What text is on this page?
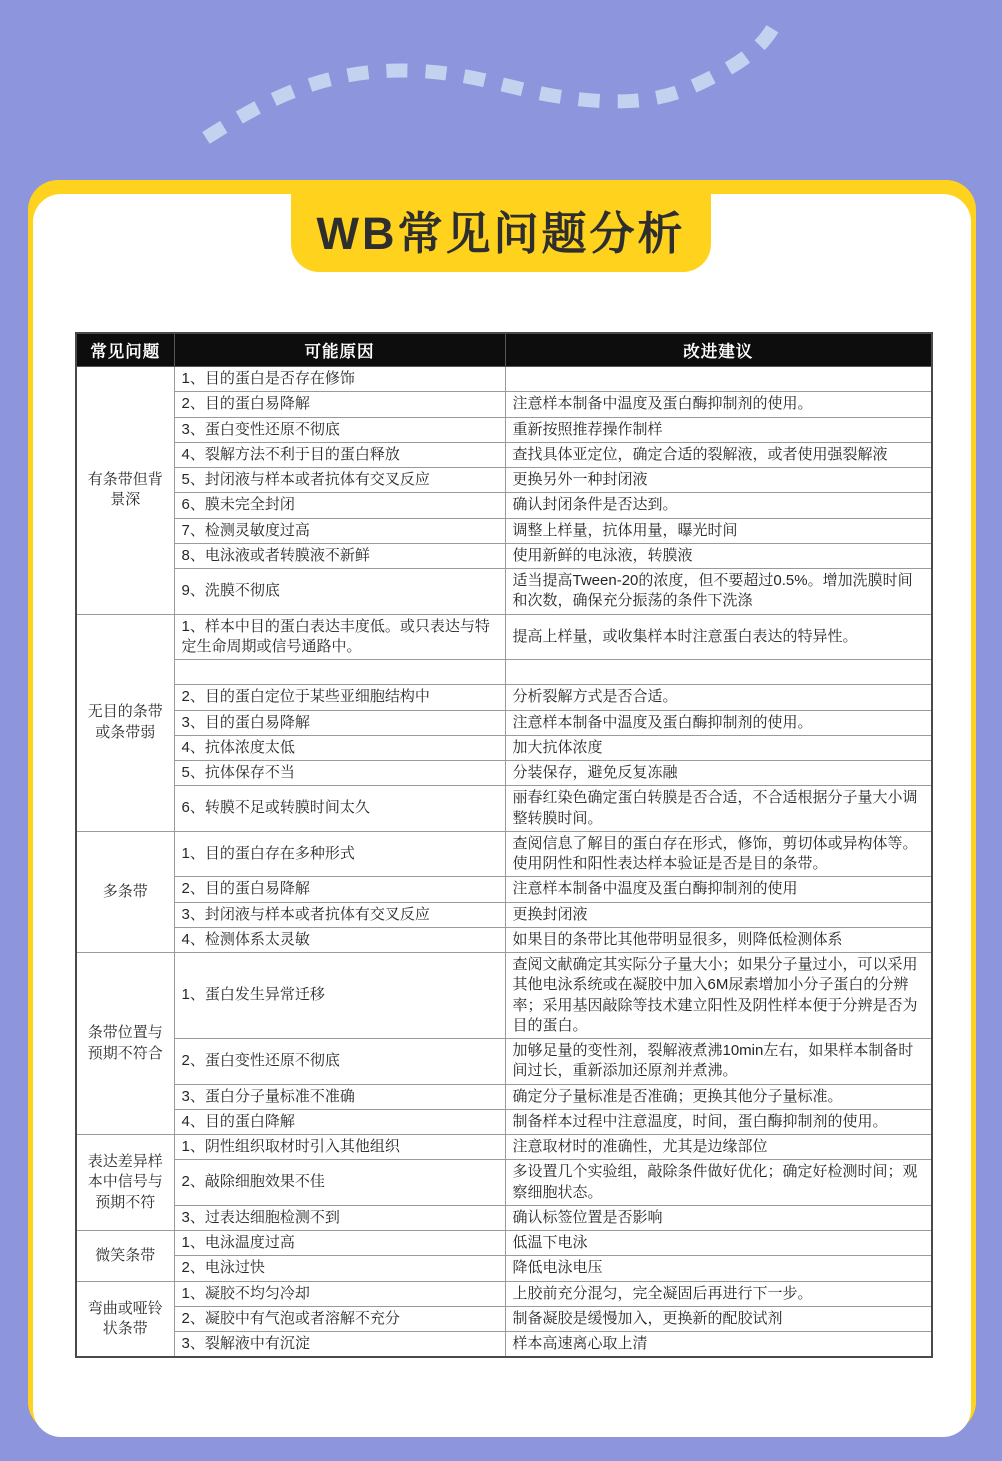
WB常见问题分析
常见问题	可能原因	改进建议
有条带但背景深	1、目的蛋白是否存在修饰	
	2、目的蛋白易降解	注意样本制备中温度及蛋白酶抑制剂的使用。
	3、蛋白变性还原不彻底	重新按照推荐操作制样
	4、裂解方法不利于目的蛋白释放	查找具体亚定位，确定合适的裂解液，或者使用强裂解液
	5、封闭液与样本或者抗体有交叉反应	更换另外一种封闭液
	6、膜未完全封闭	确认封闭条件是否达到。
	7、检测灵敏度过高	调整上样量，抗体用量，曝光时间
	8、电泳液或者转膜液不新鲜	使用新鲜的电泳液，转膜液
	9、洗膜不彻底	适当提高Tween-20的浓度，但不要超过0.5%。增加洗膜时间和次数，确保充分振荡的条件下洗涤
无目的条带或条带弱	1、样本中目的蛋白表达丰度低。或只表达与特定生命周期或信号通路中。	提高上样量，或收集样本时注意蛋白表达的特异性。

	2、目的蛋白定位于某些亚细胞结构中	分析裂解方式是否合适。
	3、目的蛋白易降解	注意样本制备中温度及蛋白酶抑制剂的使用。
	4、抗体浓度太低	加大抗体浓度
	5、抗体保存不当	分装保存，避免反复冻融
	6、转膜不足或转膜时间太久	丽春红染色确定蛋白转膜是否合适，不合适根据分子量大小调整转膜时间。
多条带	1、目的蛋白存在多种形式	查阅信息了解目的蛋白存在形式，修饰，剪切体或异构体等。使用阴性和阳性表达样本验证是否是目的条带。
	2、目的蛋白易降解	注意样本制备中温度及蛋白酶抑制剂的使用
	3、封闭液与样本或者抗体有交叉反应	更换封闭液
	4、检测体系太灵敏	如果目的条带比其他带明显很多，则降低检测体系
条带位置与预期不符合	1、蛋白发生异常迁移	查阅文献确定其实际分子量大小；如果分子量过小，可以采用其他电泳系统或在凝胶中加入6M尿素增加小分子蛋白的分辨率；采用基因敲除等技术建立阳性及阴性样本便于分辨是否为目的蛋白。
	2、蛋白变性还原不彻底	加够足量的变性剂，裂解液煮沸10min左右，如果样本制备时间过长，重新添加还原剂并煮沸。
	3、蛋白分子量标准不准确	确定分子量标准是否准确；更换其他分子量标准。
	4、目的蛋白降解	制备样本过程中注意温度，时间，蛋白酶抑制剂的使用。
表达差异样本中信号与预期不符	1、阴性组织取材时引入其他组织	注意取材时的准确性，尤其是边缘部位
	2、敲除细胞效果不佳	多设置几个实验组，敲除条件做好优化；确定好检测时间；观察细胞状态。
	3、过表达细胞检测不到	确认标签位置是否影响
微笑条带	1、电泳温度过高	低温下电泳
	2、电泳过快	降低电泳电压
弯曲或哑铃状条带	1、凝胶不均匀冷却	上胶前充分混匀，完全凝固后再进行下一步。
	2、凝胶中有气泡或者溶解不充分	制备凝胶是缓慢加入，更换新的配胶试剂
	3、裂解液中有沉淀	样本高速离心取上清
